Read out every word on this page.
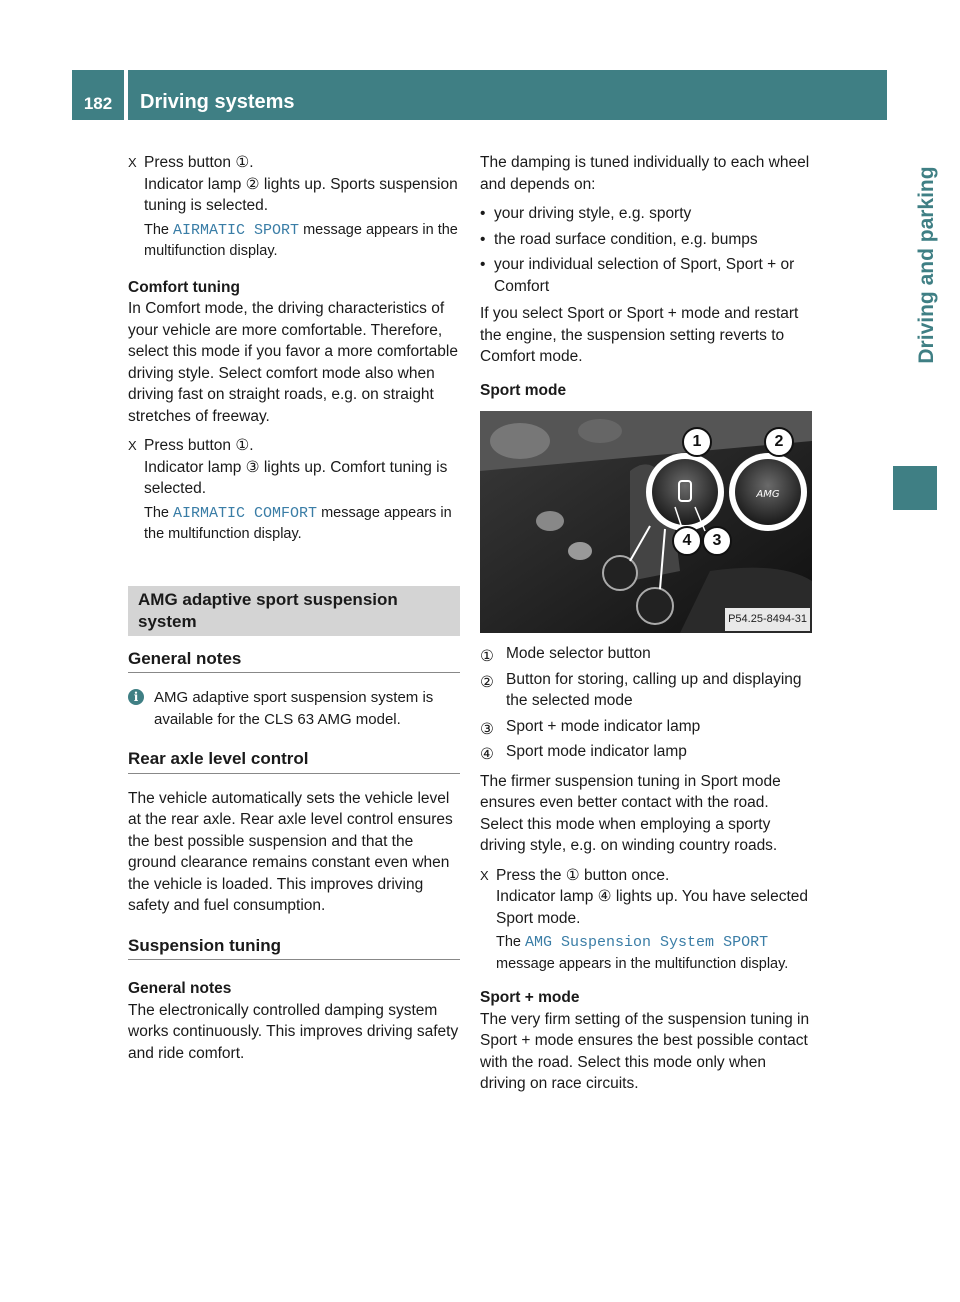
182	Driving systems
Driving and parking
X Press button ①.
Indicator lamp ② lights up. Sports suspension tuning is selected.

The AIRMATIC SPORT message appears in the multifunction display.

Comfort tuning

In Comfort mode, the driving characteristics of your vehicle are more comfortable. Therefore, select this mode if you favor a more comfortable driving style. Select comfort mode also when driving fast on straight roads, e.g. on straight stretches of freeway.

X Press button ①.
Indicator lamp ③ lights up. Comfort tuning is selected.

The AIRMATIC COMFORT message appears in the multifunction display.

AMG adaptive sport suspension system
General notes

i	AMG adaptive sport suspension system is available for the CLS 63 AMG model.

Rear axle level control

The vehicle automatically sets the vehicle level at the rear axle. Rear axle level control ensures the best possible suspension and that the ground clearance remains constant even when the vehicle is loaded. This improves driving safety and fuel consumption.

Suspension tuning
General notes

The electronically controlled damping system works continuously. This improves driving safety and ride comfort.

The damping is tuned individually to each wheel and depends on:

• your driving style, e.g. sporty
• the road surface condition, e.g. bumps
• your individual selection of Sport, Sport + or Comfort

If you select Sport or Sport + mode and restart the engine, the suspension setting reverts to Comfort mode.

Sport mode
AMG
1	2
4	3
P54.25-8494-31
① Mode selector button
② Button for storing, calling up and displaying the selected mode
③ Sport + mode indicator lamp
④ Sport mode indicator lamp

The firmer suspension tuning in Sport mode ensures even better contact with the road. Select this mode when employing a sporty driving style, e.g. on winding country roads.

X Press the ① button once.
Indicator lamp ④ lights up. You have selected Sport mode.

The AMG Suspension System SPORT message appears in the multifunction display.

Sport + mode

The very firm setting of the suspension tuning in Sport + mode ensures the best possible contact with the road. Select this mode only when driving on race circuits.
